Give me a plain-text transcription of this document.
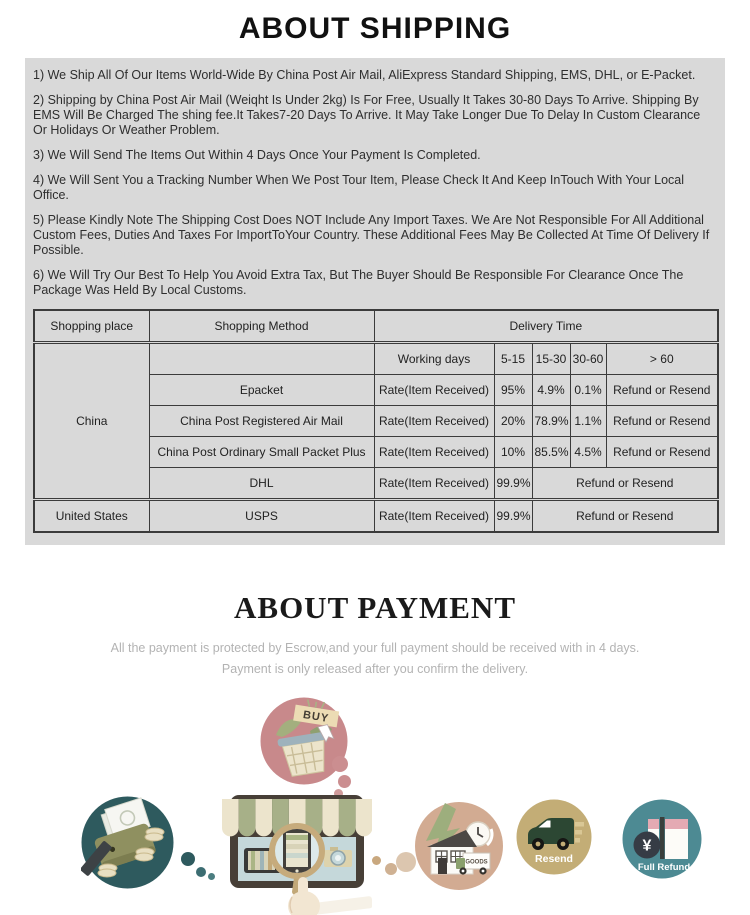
ABOUT SHIPPING

1) We Ship All Of Our Items World-Wide By China Post Air Mail, AliExpress Standard Shipping, EMS, DHL, or E-Packet.

2) Shipping by China Post Air Mail (Weiqht Is Under 2kg) Is For Free, Usually It Takes 30-80 Days To Arrive. Shipping By EMS Will Be Charged The shing fee.It Takes7-20 Days To Arrive. It May Take Longer Due To Delay In Custom Clearance Or Holidays Or Weather Problem.

3) We Will Send The Items Out Within 4 Days Once Your Payment Is Completed.

4) We Will Sent You a Tracking Number When We Post Tour Item, Please Check It And Keep InTouch With Your Local Office.

5) Please Kindly Note The Shipping Cost Does NOT Include Any Import Taxes. We Are Not Responsible For All Additional Custom Fees, Duties And Taxes For ImportToYour Country. These Additional Fees May Be Collected At Time Of Delivery If Possible.

6) We Will Try Our Best To Help You Avoid Extra Tax, But The Buyer Should Be Responsible For Clearance Once The Package Was Held By Local Customs.

Shopping place	Shopping Method	Delivery Time				
China		Working days	5-15	15-30	30-60	> 60
	Epacket	Rate(Item Received)	95%	4.9%	0.1%	Refund or Resend
	China Post Registered Air Mail	Rate(Item Received)	20%	78.9%	1.1%	Refund or Resend
	China Post Ordinary Small Packet Plus	Rate(Item Received)	10%	85.5%	4.5%	Refund or Resend
	DHL	Rate(Item Received)	99.9%	Refund or Resend		
United States	USPS	Rate(Item Received)	99.9%	Refund or Resend		
ABOUT PAYMENT
All the payment is protected by Escrow,and your full payment should be received with in 4 days.
Payment is only released after you confirm the delivery.
BUY
GOODS	Resend
¥
Full Refund
